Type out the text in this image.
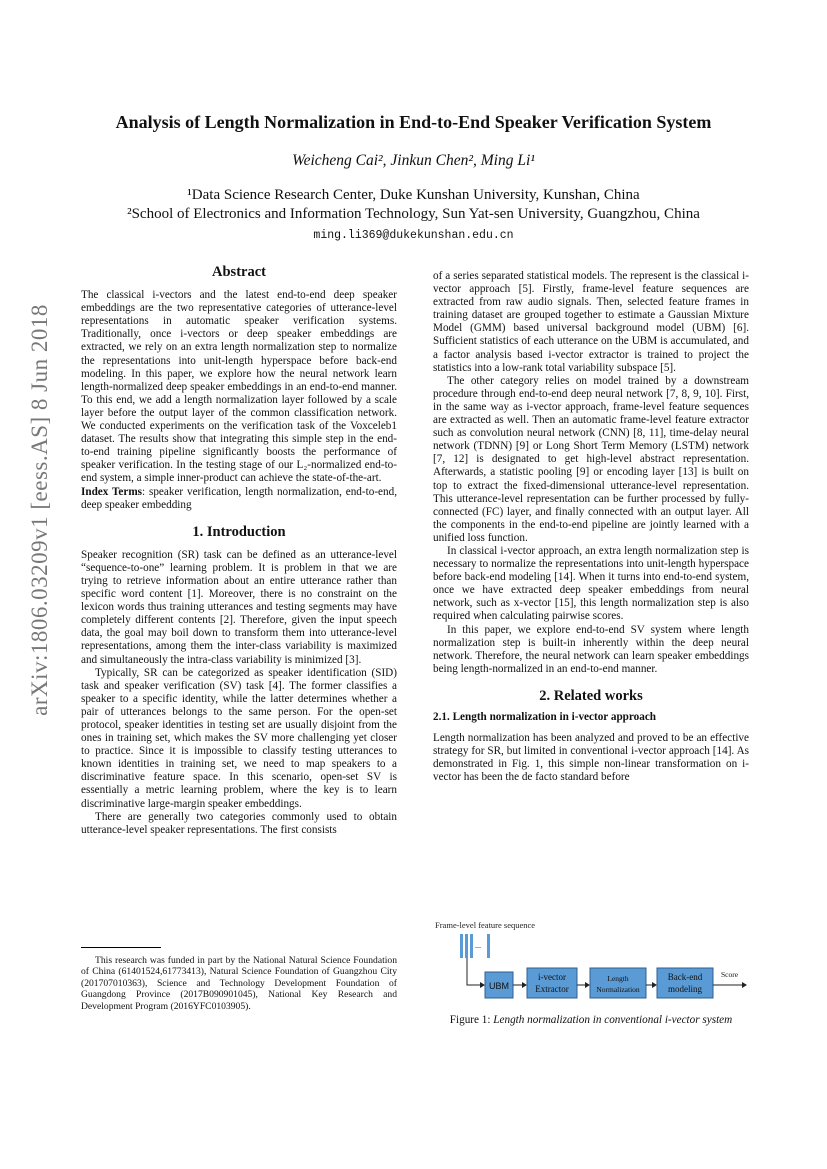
Analysis of Length Normalization in End-to-End Speaker Verification System
Weicheng Cai², Jinkun Chen², Ming Li¹
¹Data Science Research Center, Duke Kunshan University, Kunshan, China
²School of Electronics and Information Technology, Sun Yat-sen University, Guangzhou, China
ming.li369@dukekunshan.edu.cn
arXiv:1806.03209v1 [eess.AS] 8 Jun 2018
Abstract

The classical i-vectors and the latest end-to-end deep speaker embeddings are the two representative categories of utterance-level representations in automatic speaker verification systems. Traditionally, once i-vectors or deep speaker embeddings are extracted, we rely on an extra length normalization step to normalize the representations into unit-length hyperspace before back-end modeling. In this paper, we explore how the neural network learn length-normalized deep speaker embeddings in an end-to-end manner. To this end, we add a length normalization layer followed by a scale layer before the output layer of the common classification network. We conducted experiments on the verification task of the Voxceleb1 dataset. The results show that integrating this simple step in the end-to-end training pipeline significantly boosts the performance of speaker verification. In the testing stage of our L₂-normalized end-to-end system, a simple inner-product can achieve the state-of-the-art.

Index Terms: speaker verification, length normalization, end-to-end, deep speaker embedding

1. Introduction

Speaker recognition (SR) task can be defined as an utterance-level “sequence-to-one” learning problem. It is problem in that we are trying to retrieve information about an entire utterance rather than specific word content [1]. Moreover, there is no constraint on the lexicon words thus training utterances and testing segments may have completely different contents [2]. Therefore, given the input speech data, the goal may boil down to transform them into utterance-level representations, among them the inter-class variability is maximized and simultaneously the intra-class variability is minimized [3].

Typically, SR can be categorized as speaker identification (SID) task and speaker verification (SV) task [4]. The former classifies a speaker to a specific identity, while the latter determines whether a pair of utterances belongs to the same person. For the open-set protocol, speaker identities in testing set are usually disjoint from the ones in training set, which makes the SV more challenging yet closer to practice. Since it is impossible to classify testing utterances to known identities in training set, we need to map speakers to a discriminative feature space. In this scenario, open-set SV is essentially a metric learning problem, where the key is to learn discriminative large-margin speaker embeddings.

There are generally two categories commonly used to obtain utterance-level speaker representations. The first consists

This research was funded in part by the National Natural Science Foundation of China (61401524,61773413), Natural Science Foundation of Guangzhou City (201707010363), Science and Technology Development Foundation of Guangdong Province (2017B090901045), National Key Research and Development Program (2016YFC0103905).

of a series separated statistical models. The represent is the classical i-vector approach [5]. Firstly, frame-level feature sequences are extracted from raw audio signals. Then, selected feature frames in training dataset are grouped together to estimate a Gaussian Mixture Model (GMM) based universal background model (UBM) [6]. Sufficient statistics of each utterance on the UBM is accumulated, and a factor analysis based i-vector extractor is trained to project the statistics into a low-rank total variability subspace [5].

The other category relies on model trained by a downstream procedure through end-to-end deep neural network [7, 8, 9, 10]. First, in the same way as i-vector approach, frame-level feature sequences are extracted as well. Then an automatic frame-level feature extractor such as convolution neural network (CNN) [8, 11], time-delay neural network (TDNN) [9] or Long Short Term Memory (LSTM) network [7, 12] is designated to get high-level abstract representation. Afterwards, a statistic pooling [9] or encoding layer [13] is built on top to extract the fixed-dimensional utterance-level representation. This utterance-level representation can be further processed by fully-connected (FC) layer, and finally connected with an output layer. All the components in the end-to-end pipeline are jointly learned with a unified loss function.

In classical i-vector approach, an extra length normalization step is necessary to normalize the representations into unit-length hyperspace before back-end modeling [14]. When it turns into end-to-end system, once we have extracted deep speaker embeddings from neural network, such as x-vector [15], this length normalization step is also required when calculating pairwise scores.

In this paper, we explore end-to-end SV system where length normalization step is built-in inherently within the deep neural network. Therefore, the neural network can learn speaker embeddings being length-normalized in an end-to-end manner.

2. Related works
2.1. Length normalization in i-vector approach

Length normalization has been analyzed and proved to be an effective strategy for SR, but limited in conventional i-vector approach [14]. As demonstrated in Fig. 1, this simple non-linear transformation on i-vector has been the de facto standard before

Frame-level feature sequence
...
UBM
i-vector
Extractor
Length
Normalization
Back-end
modeling
Score
Figure 1: Length normalization in conventional i-vector system
